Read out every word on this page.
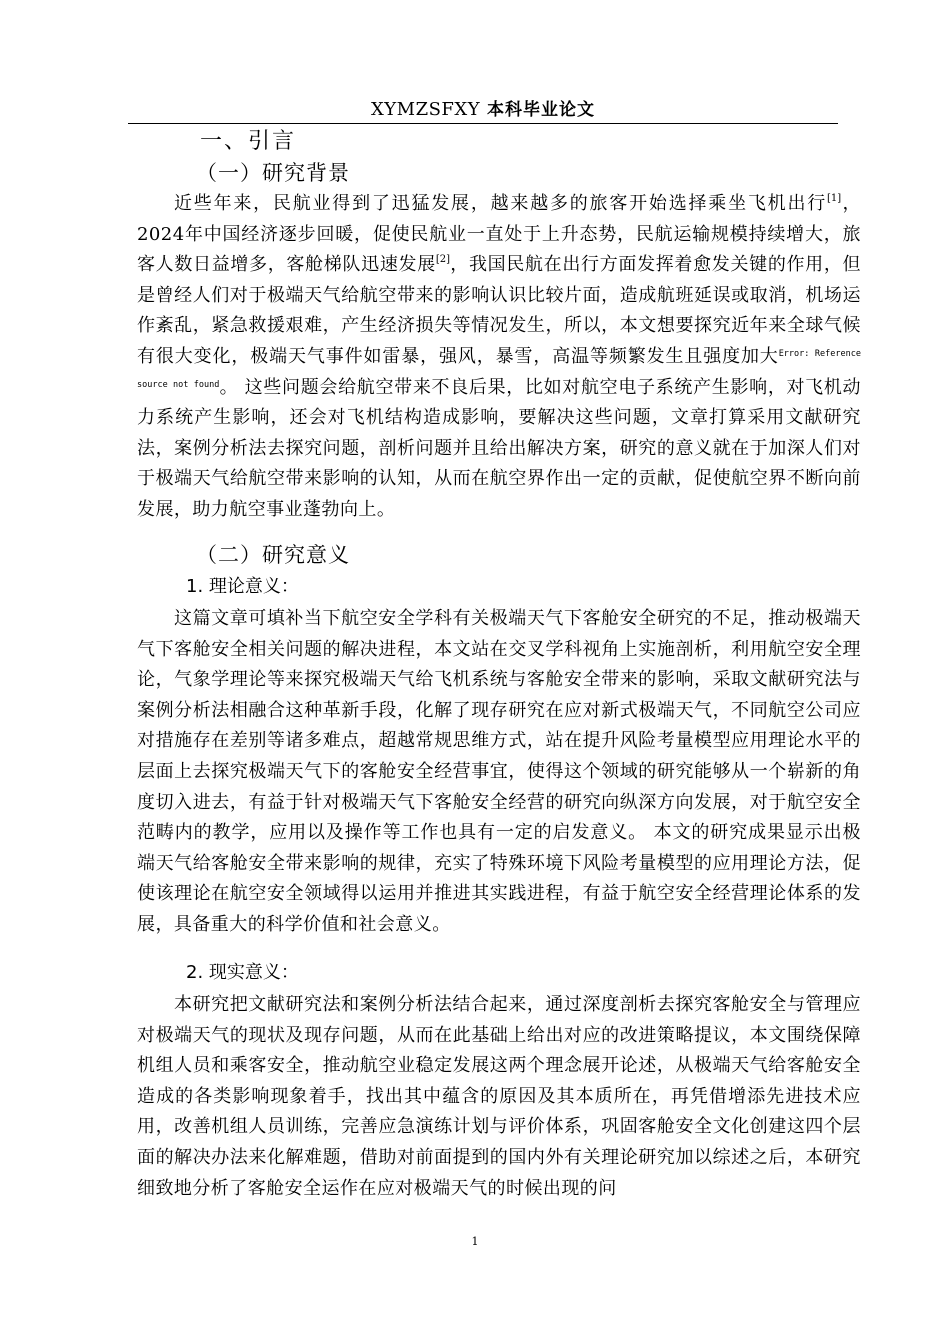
XYMZSFXY 本科毕业论文
一、引言
（一）研究背景

近些年来，民航业得到了迅猛发展，越来越多的旅客开始选择乘坐飞机出行[1]，2024年中国经济逐步回暖，促使民航业一直处于上升态势，民航运输规模持续增大，旅客人数日益增多，客舱梯队迅速发展[2]，我国民航在出行方面发挥着愈发关键的作用，但是曾经人们对于极端天气给航空带来的影响认识比较片面，造成航班延误或取消，机场运作紊乱，紧急救援艰难，产生经济损失等情况发生，所以，本文想要探究近年来全球气候有很大变化，极端天气事件如雷暴，强风，暴雪，高温等频繁发生且强度加大$^{Error: Reference source not found}$。 这些问题会给航空带来不良后果，比如对航空电子系统产生影响，对飞机动力系统产生影响，还会对飞机结构造成影响，要解决这些问题，文章打算采用文献研究法，案例分析法去探究问题，剖析问题并且给出解决方案，研究的意义就在于加深人们对于极端天气给航空带来影响的认知，从而在航空界作出一定的贡献，促使航空界不断向前发展，助力航空事业蓬勃向上。

（二）研究意义
1. 理论意义：

这篇文章可填补当下航空安全学科有关极端天气下客舱安全研究的不足，推动极端天气下客舱安全相关问题的解决进程，本文站在交叉学科视角上实施剖析，利用航空安全理论，气象学理论等来探究极端天气给飞机系统与客舱安全带来的影响，采取文献研究法与案例分析法相融合这种革新手段，化解了现存研究在应对新式极端天气，不同航空公司应对措施存在差别等诸多难点，超越常规思维方式，站在提升风险考量模型应用理论水平的层面上去探究极端天气下的客舱安全经营事宜，使得这个领域的研究能够从一个崭新的角度切入进去，有益于针对极端天气下客舱安全经营的研究向纵深方向发展，对于航空安全范畴内的教学，应用以及操作等工作也具有一定的启发意义。 本文的研究成果显示出极端天气给客舱安全带来影响的规律，充实了特殊环境下风险考量模型的应用理论方法，促使该理论在航空安全领域得以运用并推进其实践进程，有益于航空安全经营理论体系的发展，具备重大的科学价值和社会意义。

2. 现实意义：

本研究把文献研究法和案例分析法结合起来，通过深度剖析去探究客舱安全与管理应对极端天气的现状及现存问题，从而在此基础上给出对应的改进策略提议，本文围绕保障机组人员和乘客安全，推动航空业稳定发展这两个理念展开论述，从极端天气给客舱安全造成的各类影响现象着手，找出其中蕴含的原因及其本质所在，再凭借增添先进技术应用，改善机组人员训练，完善应急演练计划与评价体系，巩固客舱安全文化创建这四个层面的解决办法来化解难题，借助对前面提到的国内外有关理论研究加以综述之后，本研究细致地分析了客舱安全运作在应对极端天气的时候出现的问

1
